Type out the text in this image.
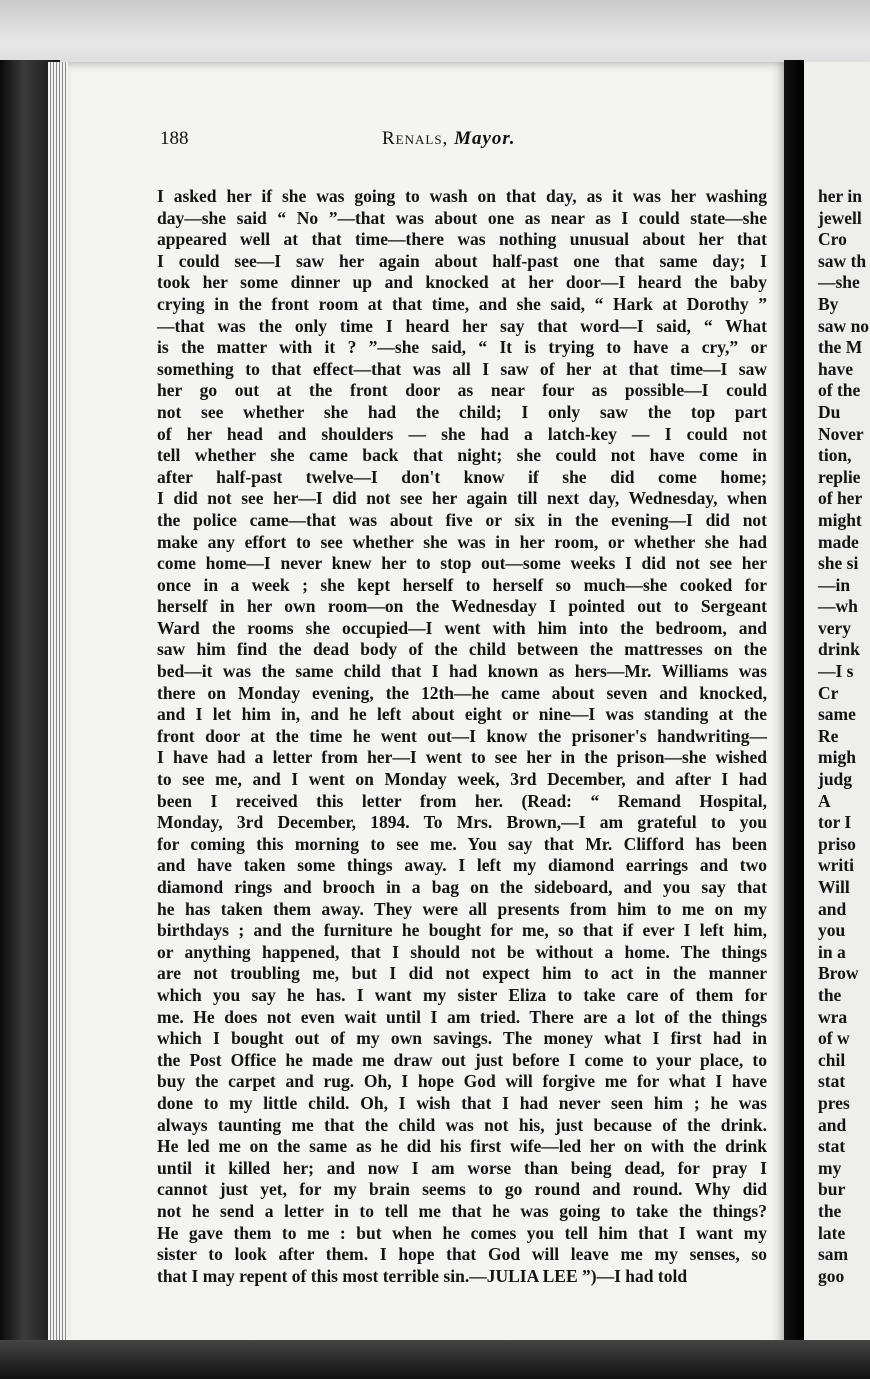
188	Renals, Mayor.
I asked her if she was going to wash on that day, as it was her washing
day—she said “ No ”—that was about one as near as I could state—she
appeared well at that time—there was nothing unusual about her that
I could see—I saw her again about half-past one that same day; I
took her some dinner up and knocked at her door—I heard the baby
crying in the front room at that time, and she said, “ Hark at Dorothy ”
—that was the only time I heard her say that word—I said, “ What
is the matter with it ? ”—she said, “ It is trying to have a cry,” or
something to that effect—that was all I saw of her at that time—I saw
her go out at the front door as near four as possible—I could
not see whether she had the child; I only saw the top part
of her head and shoulders — she had a latch-key — I could not
tell whether she came back that night; she could not have come in
after half-past twelve—I don't know if she did come home;
I did not see her—I did not see her again till next day, Wednesday, when
the police came—that was about five or six in the evening—I did not
make any effort to see whether she was in her room, or whether she had
come home—I never knew her to stop out—some weeks I did not see her
once in a week ; she kept herself to herself so much—she cooked for
herself in her own room—on the Wednesday I pointed out to Sergeant
Ward the rooms she occupied—I went with him into the bedroom, and
saw him find the dead body of the child between the mattresses on the
bed—it was the same child that I had known as hers—Mr. Williams was
there on Monday evening, the 12th—he came about seven and knocked,
and I let him in, and he left about eight or nine—I was standing at the
front door at the time he went out—I know the prisoner's handwriting—
I have had a letter from her—I went to see her in the prison—she wished
to see me, and I went on Monday week, 3rd December, and after I had
been I received this letter from her. (Read: “ Remand Hospital,
Monday, 3rd December, 1894. To Mrs. Brown,—I am grateful to you
for coming this morning to see me. You say that Mr. Clifford has been
and have taken some things away. I left my diamond earrings and two
diamond rings and brooch in a bag on the sideboard, and you say that
he has taken them away. They were all presents from him to me on my
birthdays ; and the furniture he bought for me, so that if ever I left him,
or anything happened, that I should not be without a home. The things
are not troubling me, but I did not expect him to act in the manner
which you say he has. I want my sister Eliza to take care of them for
me. He does not even wait until I am tried. There are a lot of the things
which I bought out of my own savings. The money what I first had in
the Post Office he made me draw out just before I come to your place, to
buy the carpet and rug. Oh, I hope God will forgive me for what I have
done to my little child. Oh, I wish that I had never seen him ; he was
always taunting me that the child was not his, just because of the drink.
He led me on the same as he did his first wife—led her on with the drink
until it killed her; and now I am worse than being dead, for pray I
cannot just yet, for my brain seems to go round and round. Why did
not he send a letter in to tell me that he was going to take the things?
He gave them to me : but when he comes you tell him that I want my
sister to look after them. I hope that God will leave me my senses, so
that I may repent of this most terrible sin.—JULIA LEE ”)—I had told
her in
jewell
Cro
saw th
—she
By
saw no
the M
have
of the
Du
Nover
tion,
replie
of her
might
made
she si
—in
—wh
very
drink
—I s
Cr
same
Re
migh
judg
A
tor I
priso
writi
Will
and
you
in a
Brow
the
wra
of w
chil
stat
pres
and
stat
my
bur
the
late
sam
goo
